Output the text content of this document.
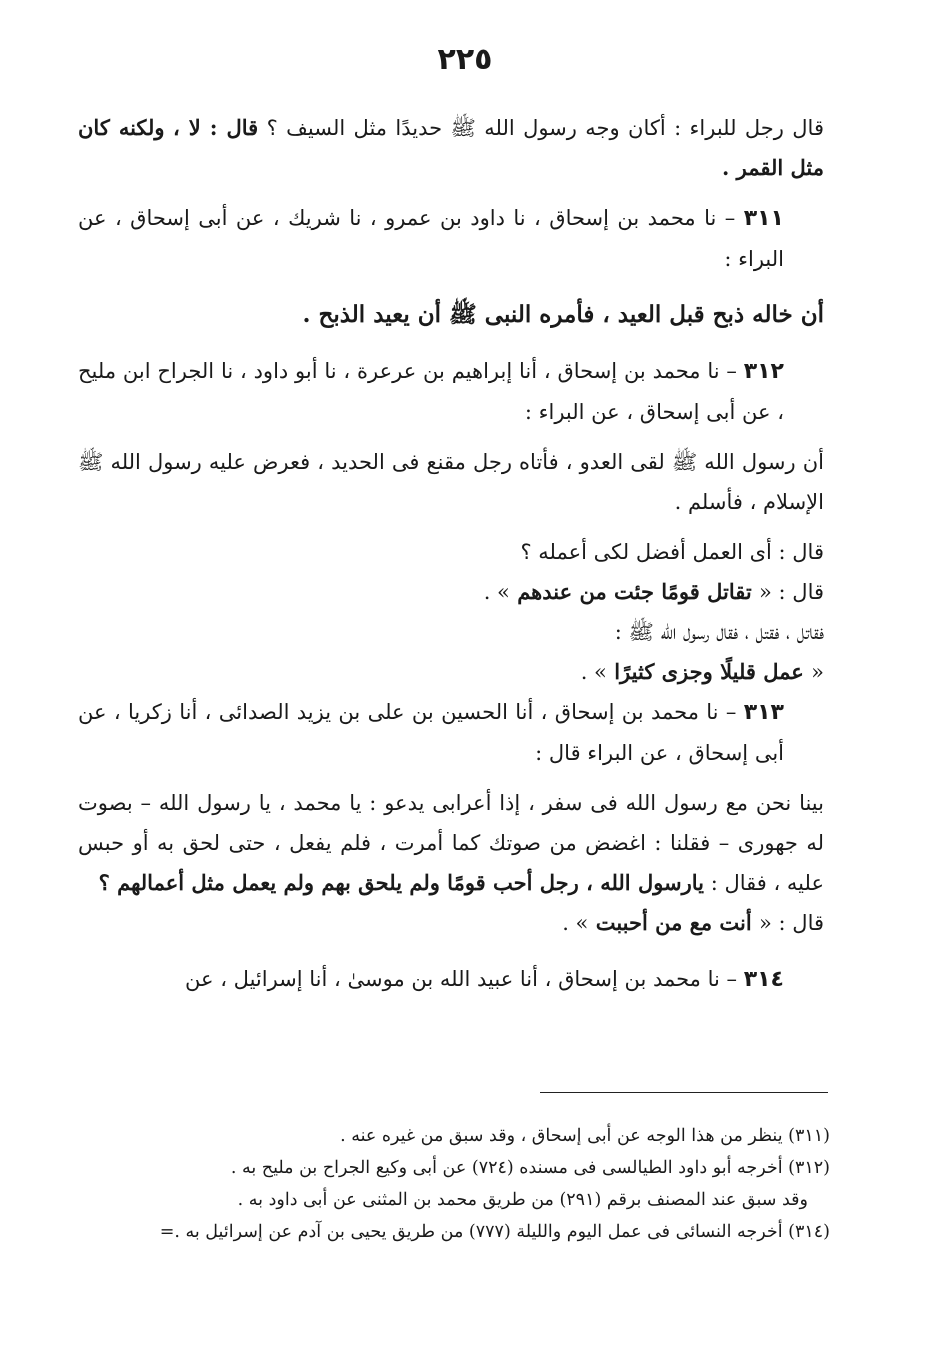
٢٢٥

قال رجل للبراء : أكان وجه رسول الله ﷺ حديدًا مثل السيف ؟ قال : لا ، ولكنه كان مثل القمر .

٣١١ – نا محمد بن إسحاق ، نا داود بن عمرو ، نا شريك ، عن أبى إسحاق ، عن البراء :

أن خاله ذبح قبل العيد ، فأمره النبى ﷺ أن يعيد الذبح .

٣١٢ – نا محمد بن إسحاق ، أنا إبراهيم بن عرعرة ، نا أبو داود ، نا الجراح ابن مليح ، عن أبى إسحاق ، عن البراء :

أن رسول الله ﷺ لقى العدو ، فأتاه رجل مقنع فى الحديد ، فعرض عليه رسول الله ﷺ الإسلام ، فأسلم .

قال : أى العمل أفضل لكى أعمله ؟

قال : « تقاتل قومًا جئت من عندهم » .

فقاتل ، فقتل ، فقال رسول الله ﷺ :

« عمل قليلًا وجزى كثيرًا » .

٣١٣ – نا محمد بن إسحاق ، أنا الحسين بن على بن يزيد الصدائى ، أنا زكريا ، عن أبى إسحاق ، عن البراء قال :

بينا نحن مع رسول الله فى سفر ، إذا أعرابى يدعو : يا محمد ، يا رسول الله – بصوت له جهورى – فقلنا : اغضض من صوتك كما أمرت ، فلم يفعل ، حتى لحق به أو حبس عليه ، فقال : يارسول الله ، رجل أحب قومًا ولم يلحق بهم ولم يعمل مثل أعمالهم ؟

قال : « أنت مع من أحببت » .

٣١٤ – نا محمد بن إسحاق ، أنا عبيد الله بن موسىٰ ، أنا إسرائيل ، عن

(٣١١) ينظر من هذا الوجه عن أبى إسحاق ، وقد سبق من غيره عنه .

(٣١٢) أخرجه أبو داود الطيالسى فى مسنده (٧٢٤) عن أبى وكيع الجراح بن مليح به .

وقد سبق عند المصنف برقم (٢٩١) من طريق محمد بن المثنى عن أبى داود به .

(٣١٤) أخرجه النسائى فى عمل اليوم والليلة (٧٧٧) من طريق يحيى بن آدم عن إسرائيل به .=
